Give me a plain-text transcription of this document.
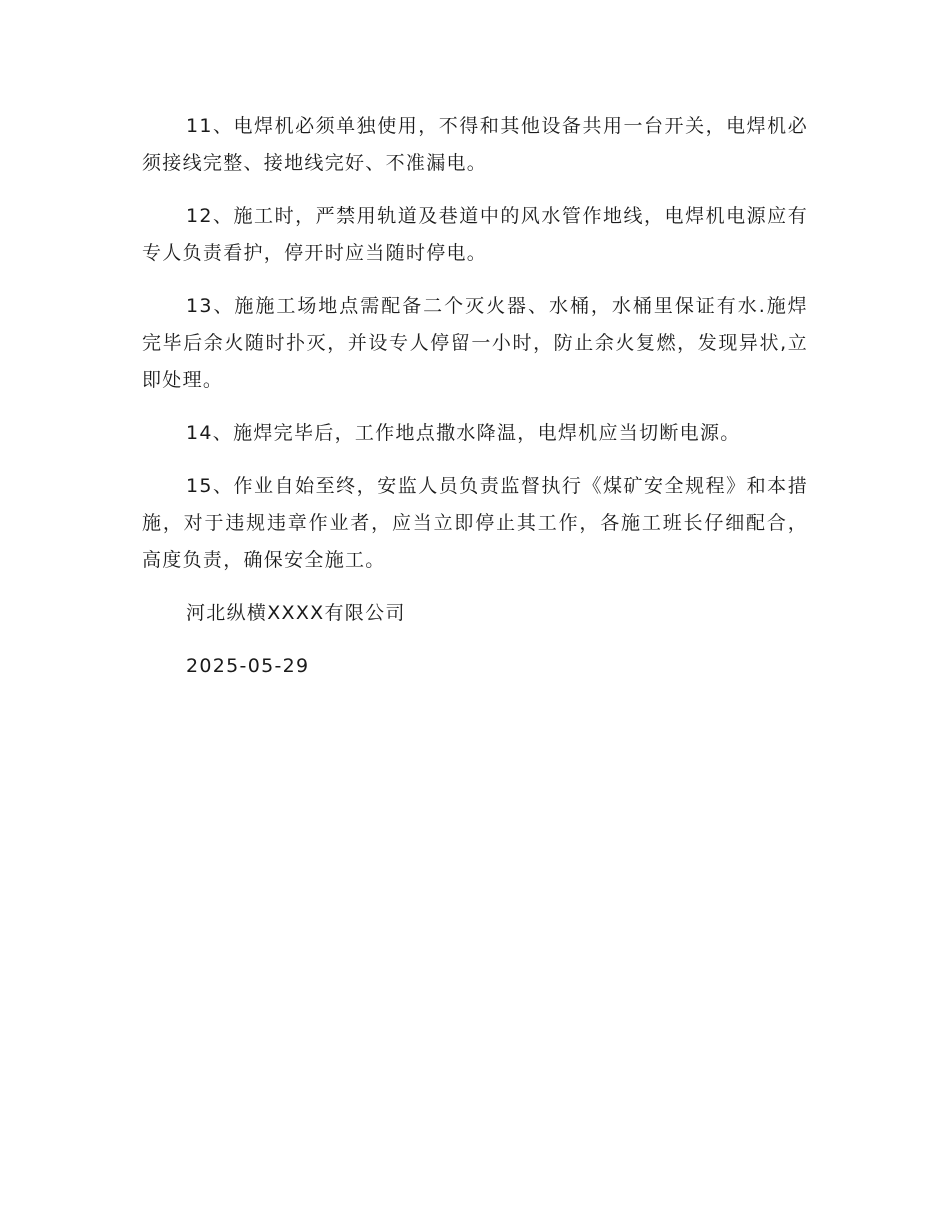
11、电焊机必须单独使用，不得和其他设备共用一台开关，电焊机必须接线完整、接地线完好、不准漏电。

12、施工时，严禁用轨道及巷道中的风水管作地线，电焊机电源应有专人负责看护，停开时应当随时停电。

13、施施工场地点需配备二个灭火器、水桶，水桶里保证有水.施焊完毕后余火随时扑灭，并设专人停留一小时，防止余火复燃，发现异状,立即处理。

14、施焊完毕后，工作地点撒水降温，电焊机应当切断电源。

15、作业自始至终，安监人员负责监督执行《煤矿安全规程》和本措施，对于违规违章作业者，应当立即停止其工作，各施工班长仔细配合，高度负责，确保安全施工。

河北纵横XXXX有限公司

2025-05-29
